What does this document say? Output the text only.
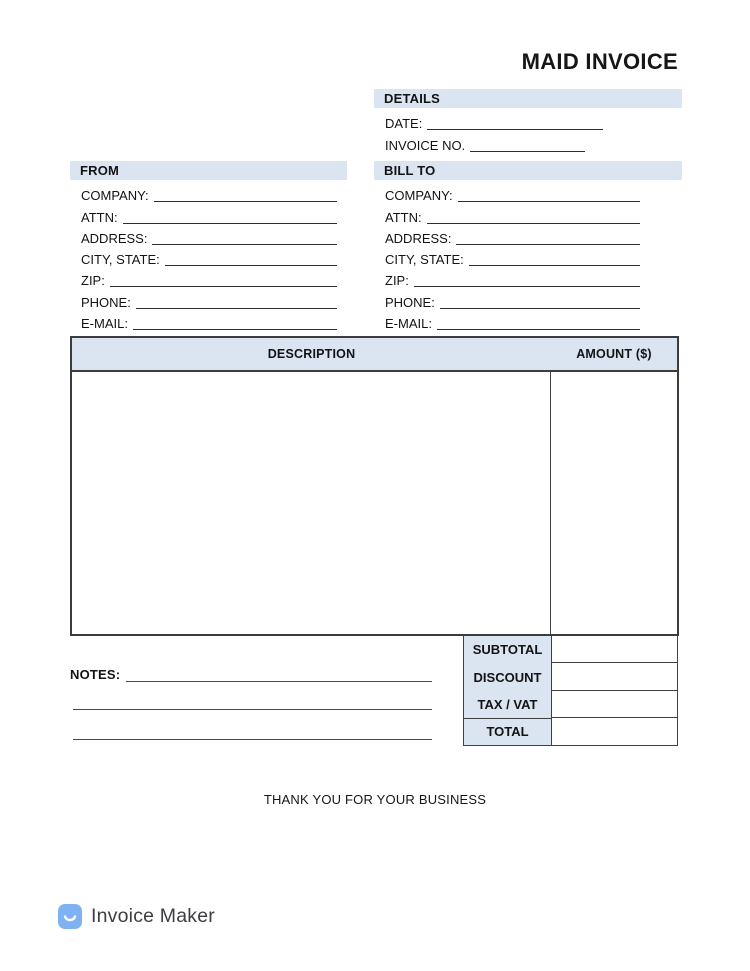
MAID INVOICE
DETAILS
DATE:
INVOICE NO.
FROM
COMPANY:
ATTN:
ADDRESS:
CITY, STATE:
ZIP:
PHONE:
E-MAIL:
BILL TO
COMPANY:
ATTN:
ADDRESS:
CITY, STATE:
ZIP:
PHONE:
E-MAIL:
DESCRIPTION	AMOUNT ($)
SUBTOTAL
DISCOUNT
TAX / VAT
TOTAL
NOTES:
THANK YOU FOR YOUR BUSINESS
Invoice Maker
